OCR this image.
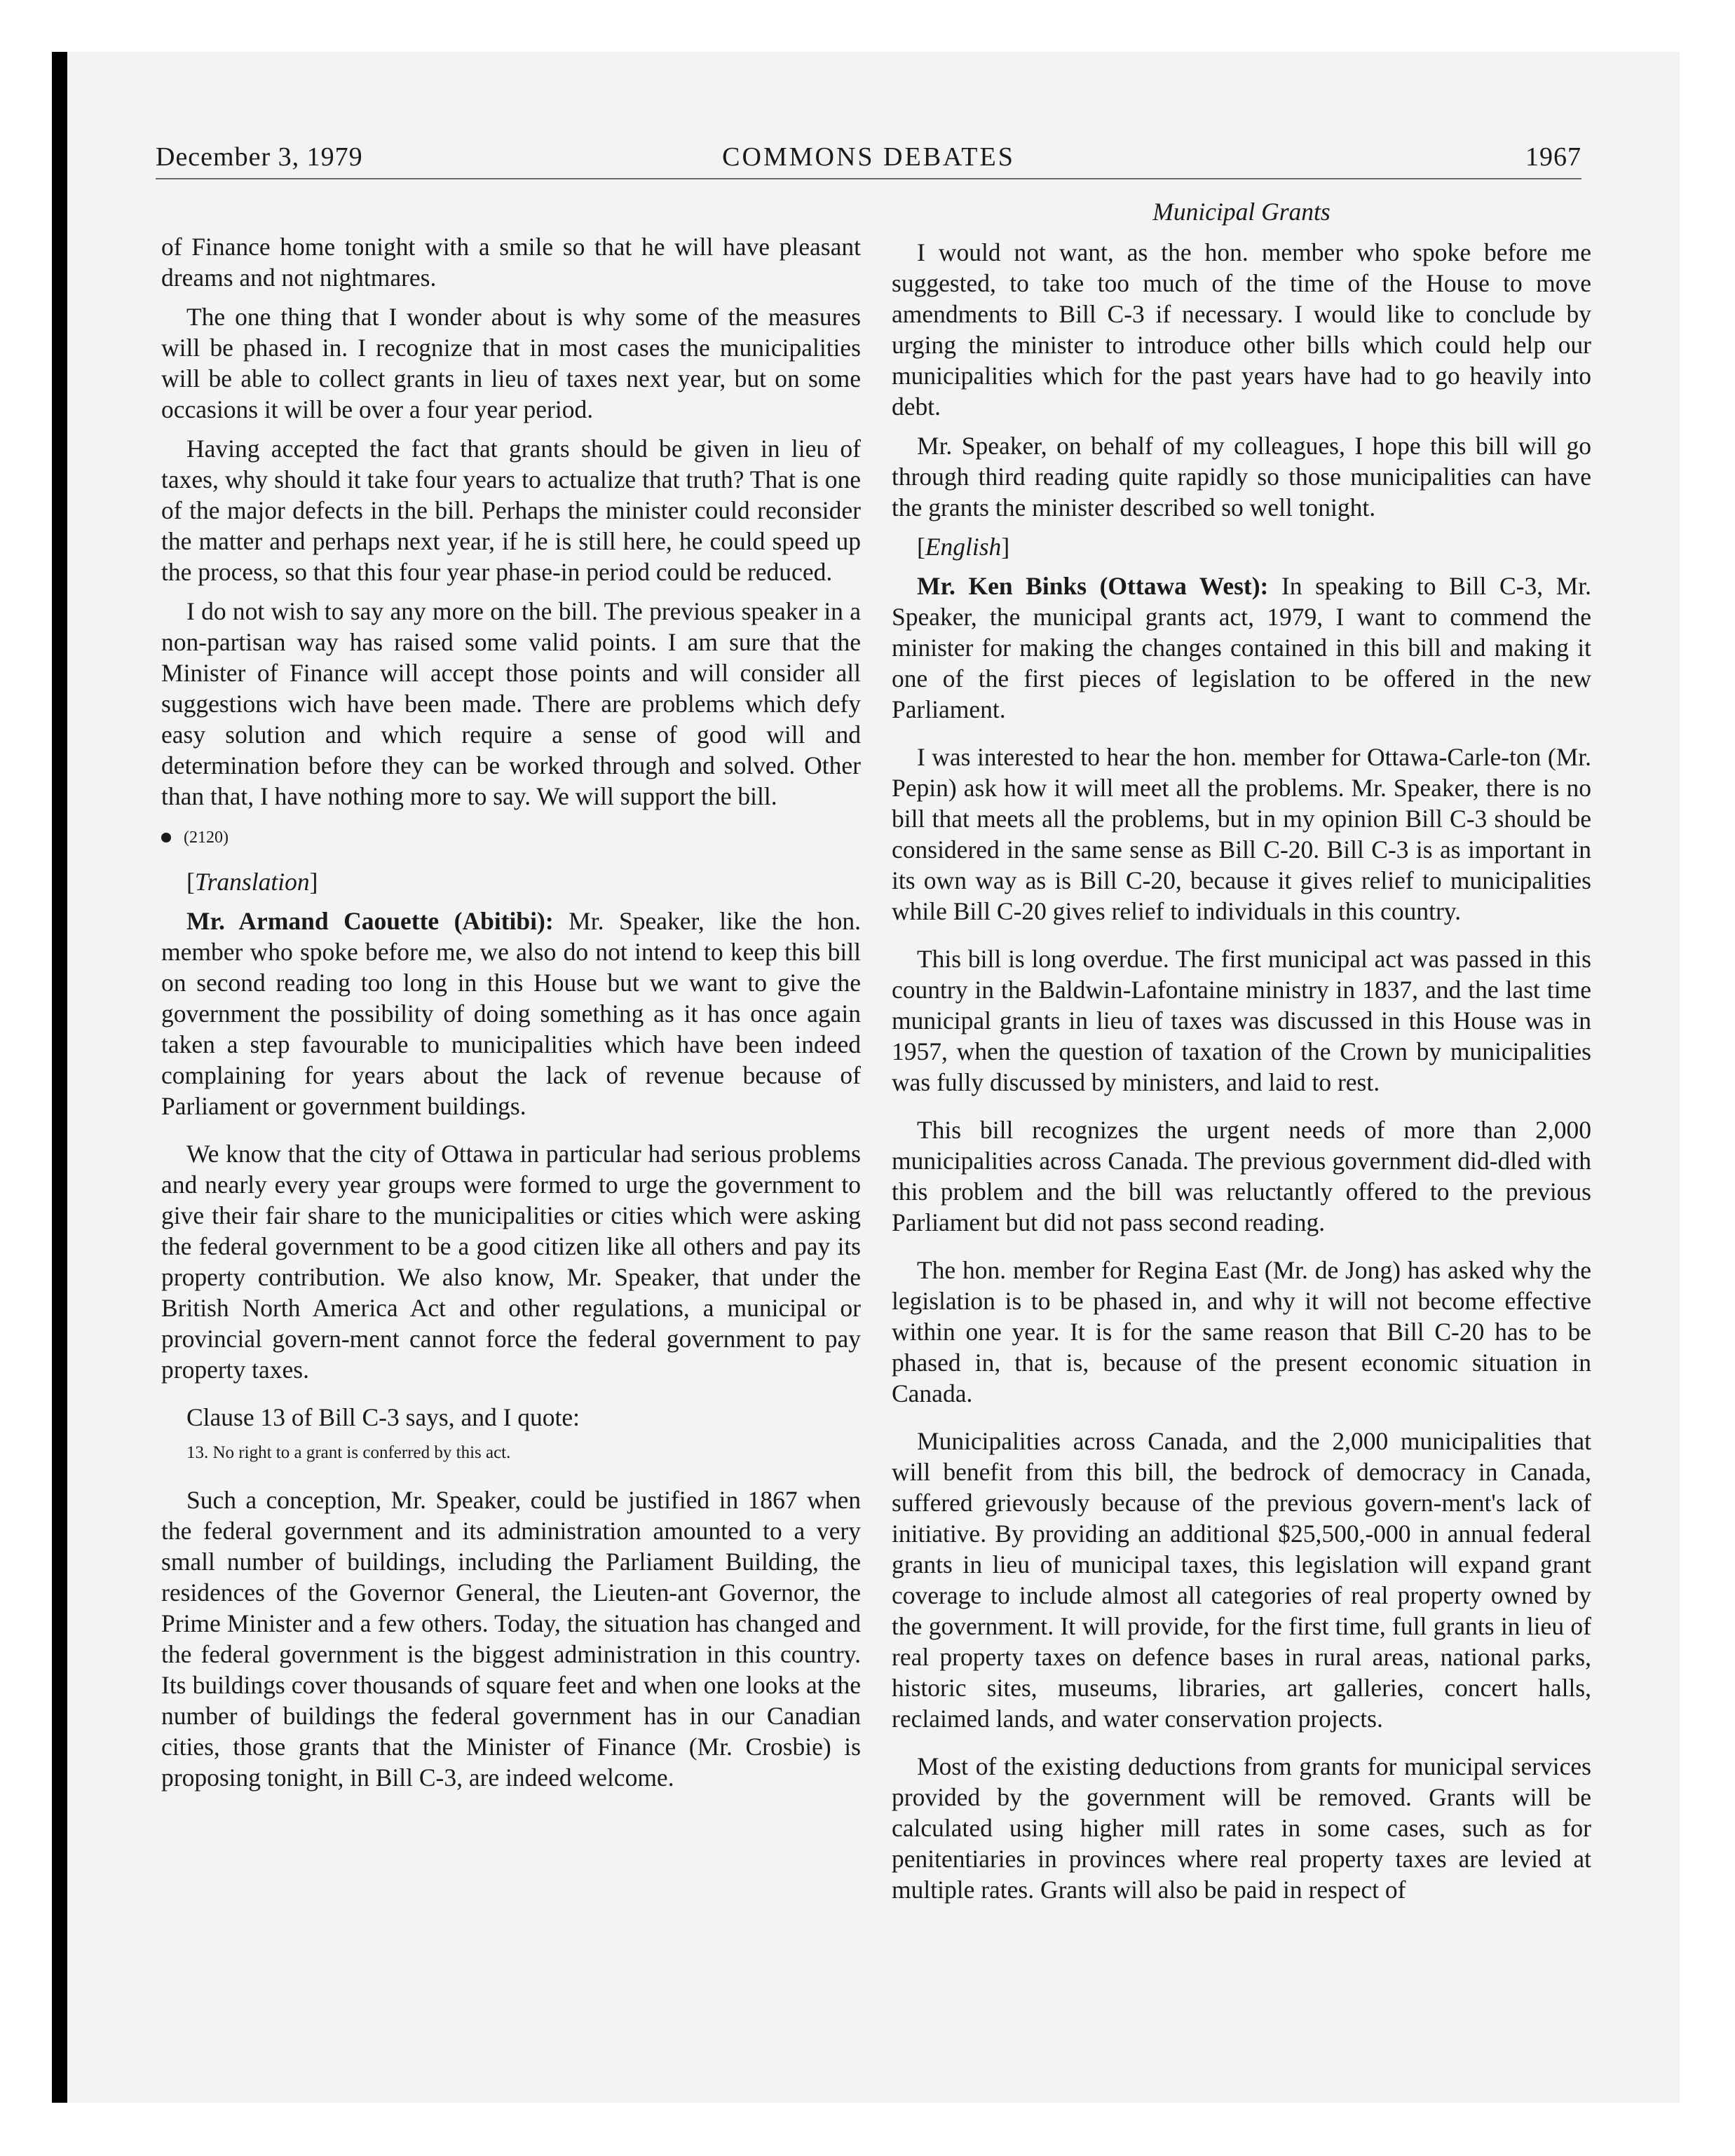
December 3, 1979	COMMONS DEBATES	1967

of Finance home tonight with a smile so that he will have pleasant dreams and not nightmares.

The one thing that I wonder about is why some of the measures will be phased in. I recognize that in most cases the municipalities will be able to collect grants in lieu of taxes next year, but on some occasions it will be over a four year period.

Having accepted the fact that grants should be given in lieu of taxes, why should it take four years to actualize that truth? That is one of the major defects in the bill. Perhaps the minister could reconsider the matter and perhaps next year, if he is still here, he could speed up the process, so that this four year phase-in period could be reduced.

I do not wish to say any more on the bill. The previous speaker in a non-partisan way has raised some valid points. I am sure that the Minister of Finance will accept those points and will consider all suggestions wich have been made. There are problems which defy easy solution and which require a sense of good will and determination before they can be worked through and solved. Other than that, I have nothing more to say. We will support the bill.

(2120)

[Translation]

Mr. Armand Caouette (Abitibi): Mr. Speaker, like the hon. member who spoke before me, we also do not intend to keep this bill on second reading too long in this House but we want to give the government the possibility of doing something as it has once again taken a step favourable to municipalities which have been indeed complaining for years about the lack of revenue because of Parliament or government buildings.

We know that the city of Ottawa in particular had serious problems and nearly every year groups were formed to urge the government to give their fair share to the municipalities or cities which were asking the federal government to be a good citizen like all others and pay its property contribution. We also know, Mr. Speaker, that under the British North America Act and other regulations, a municipal or provincial govern-ment cannot force the federal government to pay property taxes.

Clause 13 of Bill C-3 says, and I quote:

13. No right to a grant is conferred by this act.

Such a conception, Mr. Speaker, could be justified in 1867 when the federal government and its administration amounted to a very small number of buildings, including the Parliament Building, the residences of the Governor General, the Lieuten-ant Governor, the Prime Minister and a few others. Today, the situation has changed and the federal government is the biggest administration in this country. Its buildings cover thousands of square feet and when one looks at the number of buildings the federal government has in our Canadian cities, those grants that the Minister of Finance (Mr. Crosbie) is proposing tonight, in Bill C-3, are indeed welcome.

Municipal Grants

I would not want, as the hon. member who spoke before me suggested, to take too much of the time of the House to move amendments to Bill C-3 if necessary. I would like to conclude by urging the minister to introduce other bills which could help our municipalities which for the past years have had to go heavily into debt.

Mr. Speaker, on behalf of my colleagues, I hope this bill will go through third reading quite rapidly so those municipalities can have the grants the minister described so well tonight.

[English]

Mr. Ken Binks (Ottawa West): In speaking to Bill C-3, Mr. Speaker, the municipal grants act, 1979, I want to commend the minister for making the changes contained in this bill and making it one of the first pieces of legislation to be offered in the new Parliament.

I was interested to hear the hon. member for Ottawa-Carle-ton (Mr. Pepin) ask how it will meet all the problems. Mr. Speaker, there is no bill that meets all the problems, but in my opinion Bill C-3 should be considered in the same sense as Bill C-20. Bill C-3 is as important in its own way as is Bill C-20, because it gives relief to municipalities while Bill C-20 gives relief to individuals in this country.

This bill is long overdue. The first municipal act was passed in this country in the Baldwin-Lafontaine ministry in 1837, and the last time municipal grants in lieu of taxes was discussed in this House was in 1957, when the question of taxation of the Crown by municipalities was fully discussed by ministers, and laid to rest.

This bill recognizes the urgent needs of more than 2,000 municipalities across Canada. The previous government did-dled with this problem and the bill was reluctantly offered to the previous Parliament but did not pass second reading.

The hon. member for Regina East (Mr. de Jong) has asked why the legislation is to be phased in, and why it will not become effective within one year. It is for the same reason that Bill C-20 has to be phased in, that is, because of the present economic situation in Canada.

Municipalities across Canada, and the 2,000 municipalities that will benefit from this bill, the bedrock of democracy in Canada, suffered grievously because of the previous govern-ment's lack of initiative. By providing an additional $25,500,-000 in annual federal grants in lieu of municipal taxes, this legislation will expand grant coverage to include almost all categories of real property owned by the government. It will provide, for the first time, full grants in lieu of real property taxes on defence bases in rural areas, national parks, historic sites, museums, libraries, art galleries, concert halls, reclaimed lands, and water conservation projects.

Most of the existing deductions from grants for municipal services provided by the government will be removed. Grants will be calculated using higher mill rates in some cases, such as for penitentiaries in provinces where real property taxes are levied at multiple rates. Grants will also be paid in respect of
